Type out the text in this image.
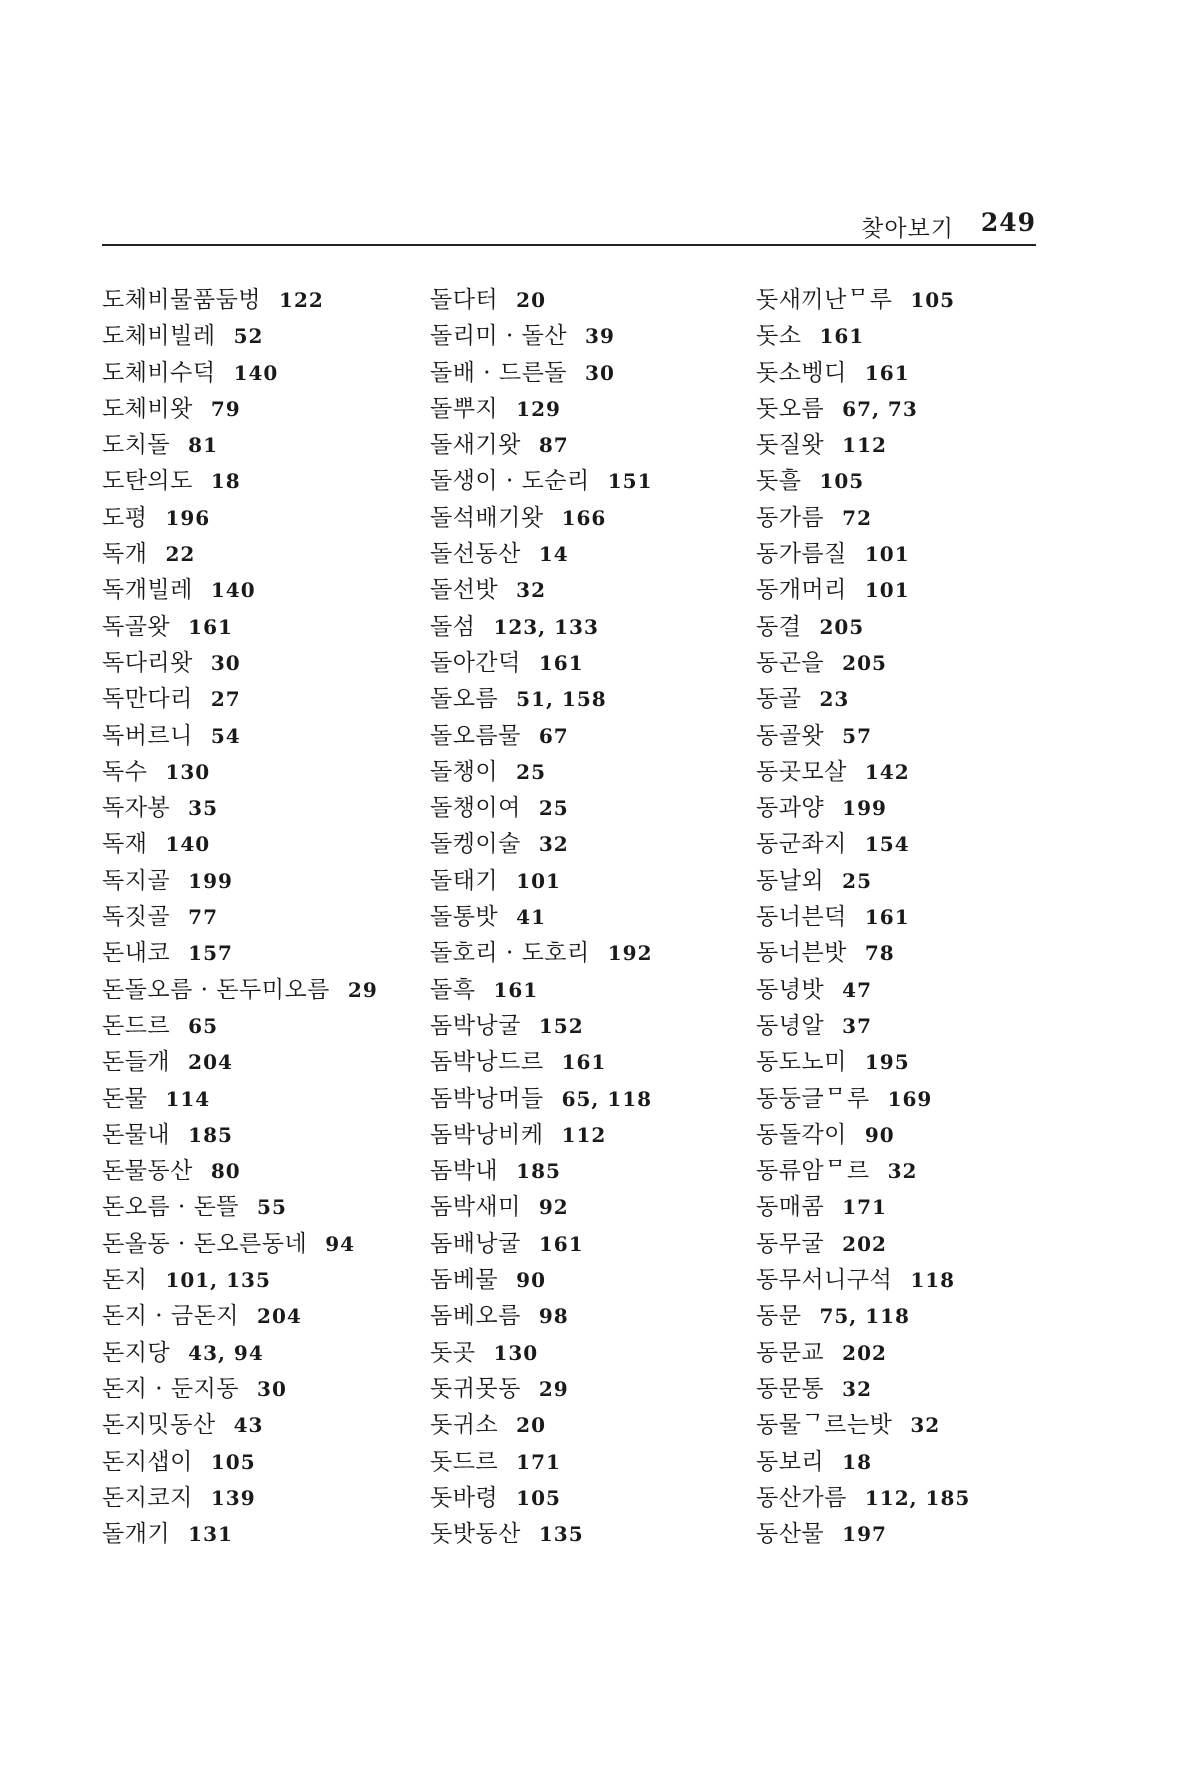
찾아보기 249
도체비물품둠벙 122
도체비빌레 52
도체비수덕 140
도체비왓 79
도치돌 81
도탄의도 18
도평 196
독개 22
독개빌레 140
독골왓 161
독다리왓 30
독만다리 27
독버르니 54
독수 130
독자봉 35
독재 140
독지골 199
독짓골 77
돈내코 157
돈돌오름 · 돈두미오름 29
돈드르 65
돈들개 204
돈물 114
돈물내 185
돈물동산 80
돈오름 · 돈뜰 55
돈올동 · 돈오른동네 94
돈지 101, 135
돈지 · 금돈지 204
돈지당 43, 94
돈지 · 둔지동 30
돈지밋동산 43
돈지샙이 105
돈지코지 139
돌개기 131
돌다터 20
돌리미 · 돌산 39
돌배 · 드른돌 30
돌뿌지 129
돌새기왓 87
돌생이 · 도순리 151
돌석배기왓 166
돌선동산 14
돌선밧 32
돌섬 123, 133
돌아간덕 161
돌오름 51, 158
돌오름물 67
돌챙이 25
돌챙이여 25
돌켕이술 32
돌태기 101
돌통밧 41
돌호리 · 도호리 192
돌흑 161
돔박낭굴 152
돔박낭드르 161
돔박낭머들 65, 118
돔박낭비케 112
돔박내 185
돔박새미 92
돔배낭굴 161
돔베물 90
돔베오름 98
돗곳 130
돗귀못동 29
돗귀소 20
돗드르 171
돗바령 105
돗밧동산 135
돗새끼난ᄆ루 105
돗소 161
돗소벵디 161
돗오름 67, 73
돗질왓 112
돗흘 105
동가름 72
동가름질 101
동개머리 101
동결 205
동곤을 205
동골 23
동골왓 57
동곳모살 142
동과양 199
동군좌지 154
동날외 25
동너븐덕 161
동너븐밧 78
동녕밧 47
동녕알 37
동도노미 195
동둥글ᄆ루 169
동돌각이 90
동류암ᄆ르 32
동매콤 171
동무굴 202
동무서니구석 118
동문 75, 118
동문교 202
동문통 32
동물ᄀ르는밧 32
동보리 18
동산가름 112, 185
동산물 197
